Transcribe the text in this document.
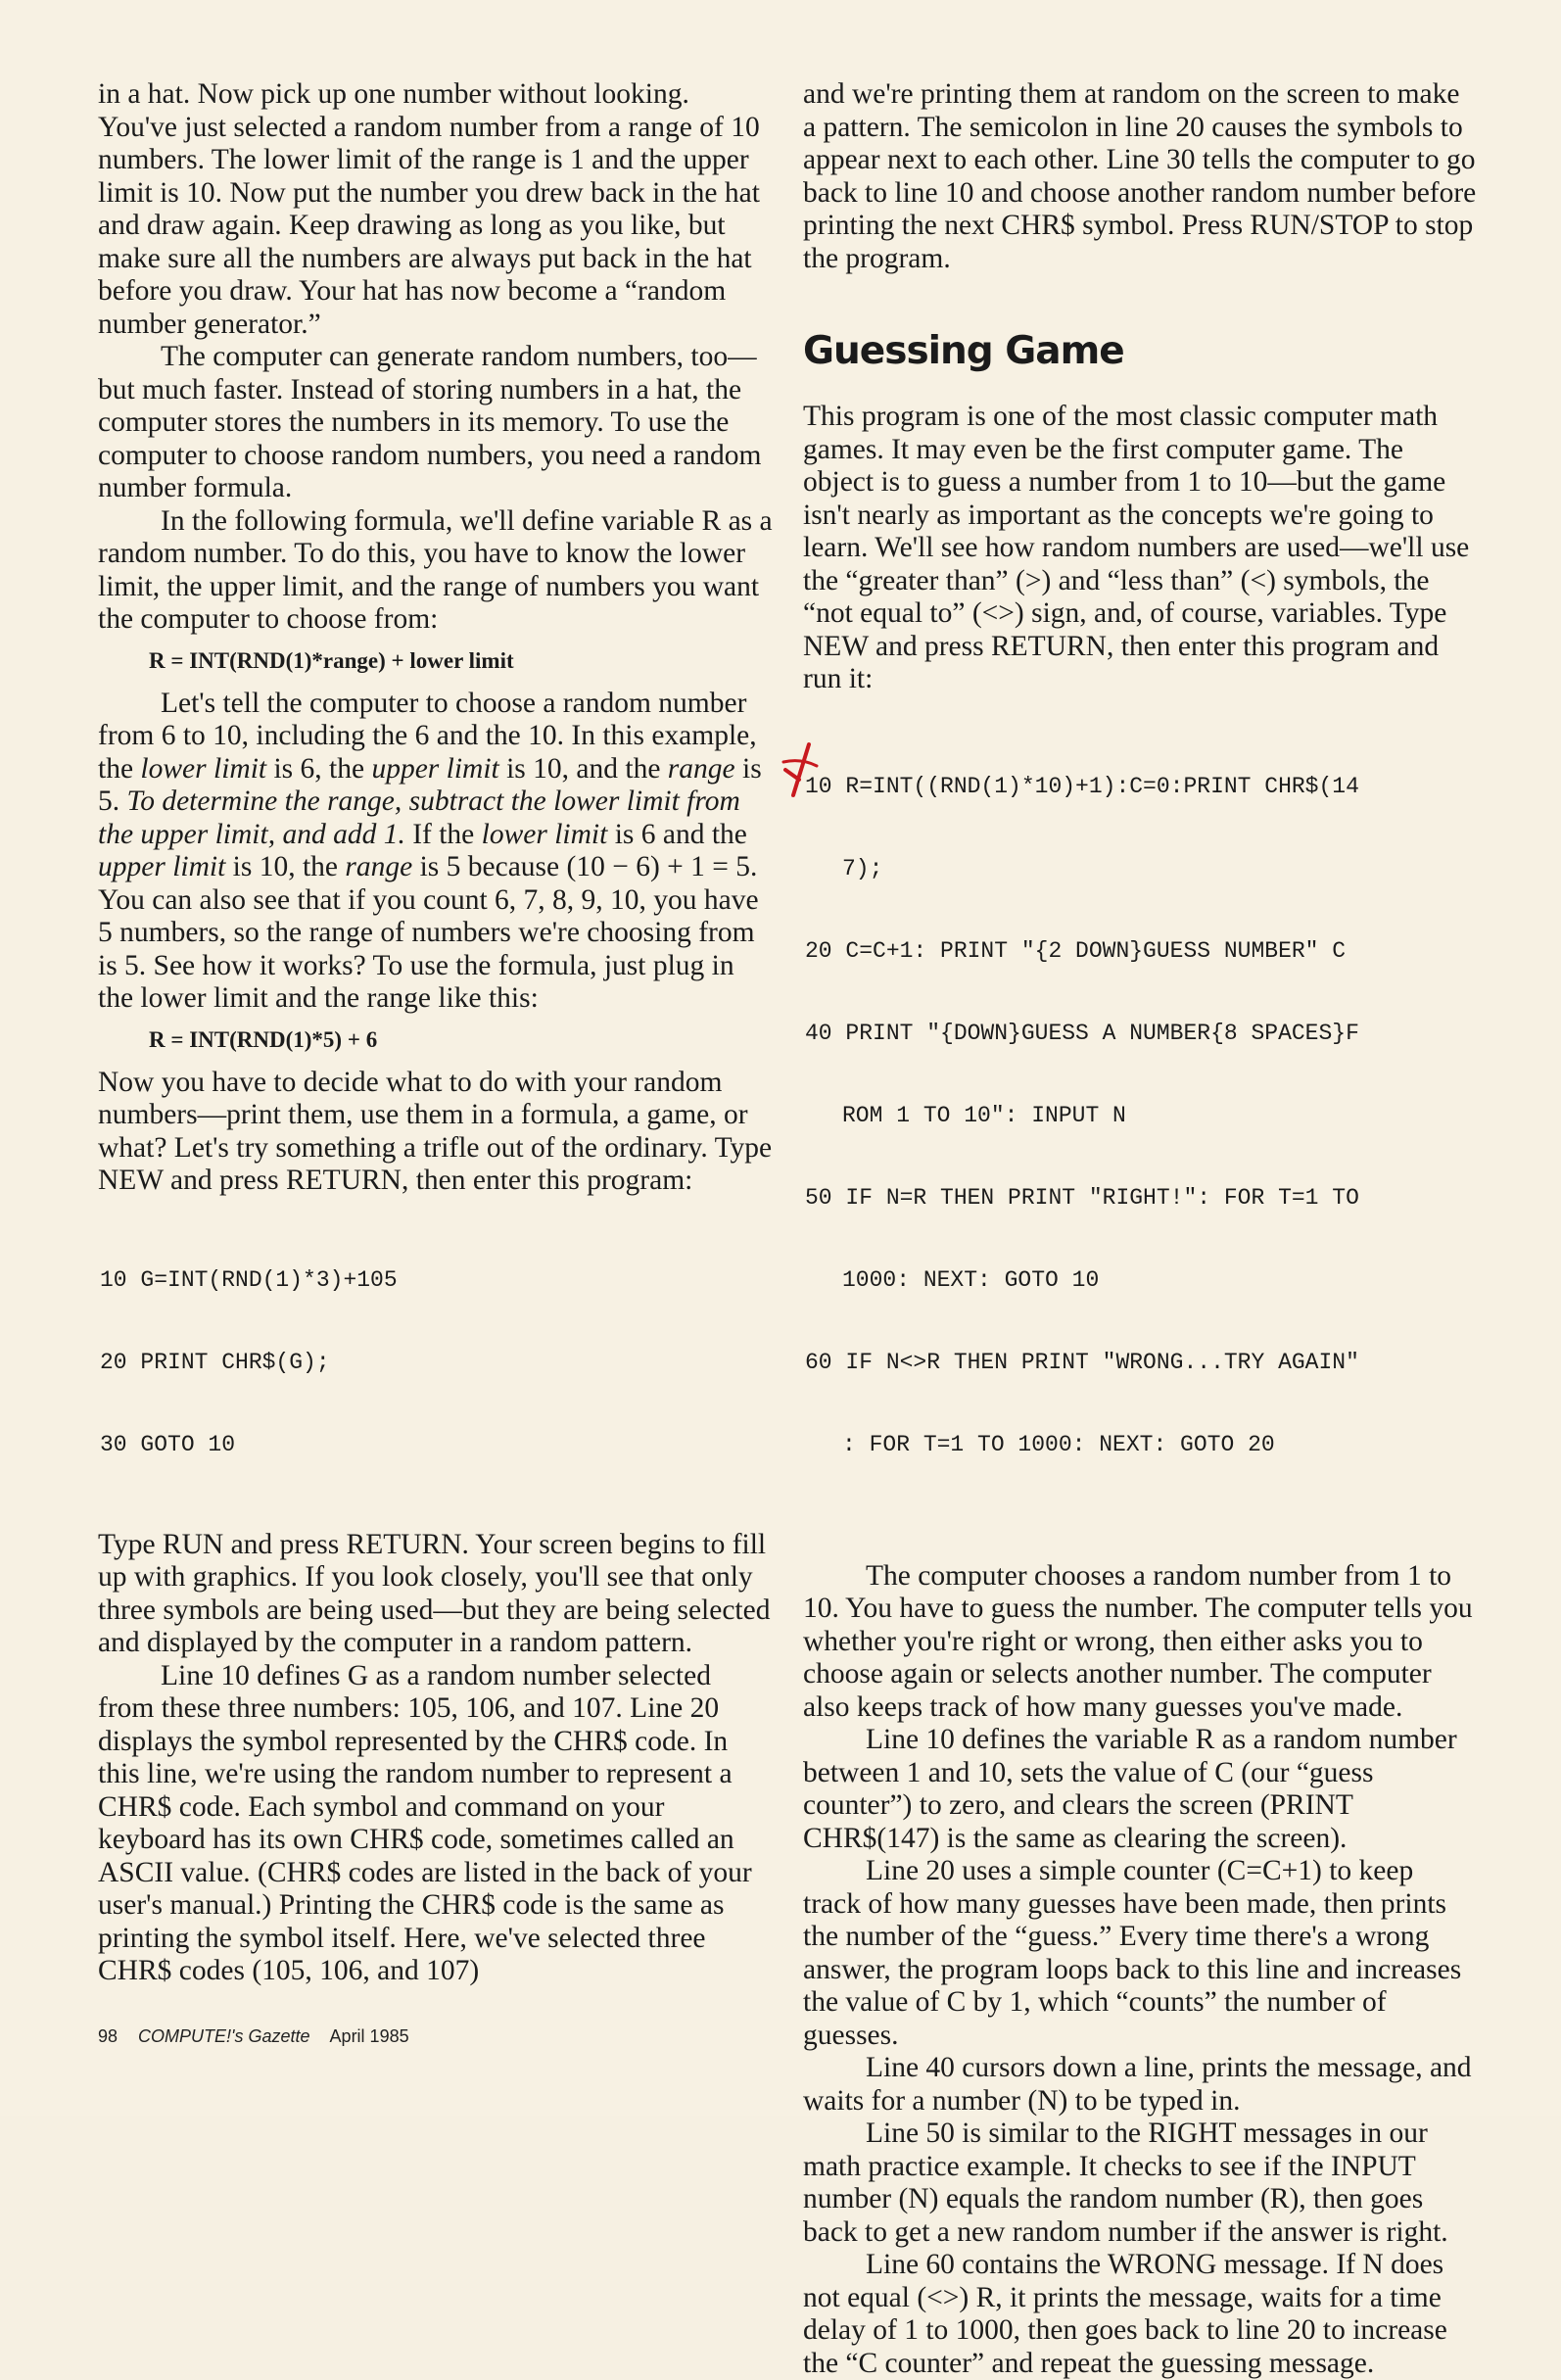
in a hat. Now pick up one number without looking. You've just selected a random number from a range of 10 numbers. The lower limit of the range is 1 and the upper limit is 10. Now put the number you drew back in the hat and draw again. Keep drawing as long as you like, but make sure all the numbers are always put back in the hat before you draw. Your hat has now become a “random number generator.”

The computer can generate random numbers, too—but much faster. Instead of storing numbers in a hat, the computer stores the numbers in its memory. To use the computer to choose random numbers, you need a random number formula.

In the following formula, we'll define variable R as a random number. To do this, you have to know the lower limit, the upper limit, and the range of numbers you want the computer to choose from:

R = INT(RND(1)*range) + lower limit

Let's tell the computer to choose a random number from 6 to 10, including the 6 and the 10. In this example, the lower limit is 6, the upper limit is 10, and the range is 5. To determine the range, subtract the lower limit from the upper limit, and add 1. If the lower limit is 6 and the upper limit is 10, the range is 5 because (10 − 6) + 1 = 5. You can also see that if you count 6, 7, 8, 9, 10, you have 5 numbers, so the range of numbers we're choosing from is 5. See how it works? To use the formula, just plug in the lower limit and the range like this:

R = INT(RND(1)*5) + 6

Now you have to decide what to do with your random numbers—print them, use them in a formula, a game, or what? Let's try something a trifle out of the ordinary. Type NEW and press RETURN, then enter this program:

10 G=INT(RND(1)*3)+105

20 PRINT CHR$(G);

30 GOTO 10

Type RUN and press RETURN. Your screen begins to fill up with graphics. If you look closely, you'll see that only three symbols are being used—but they are being selected and displayed by the computer in a random pattern.

Line 10 defines G as a random number selected from these three numbers: 105, 106, and 107. Line 20 displays the symbol represented by the CHR$ code. In this line, we're using the random number to represent a CHR$ code. Each symbol and command on your keyboard has its own CHR$ code, sometimes called an ASCII value. (CHR$ codes are listed in the back of your user's manual.) Printing the CHR$ code is the same as printing the symbol itself. Here, we've selected three CHR$ codes (105, 106, and 107)

and we're printing them at random on the screen to make a pattern. The semicolon in line 20 causes the symbols to appear next to each other. Line 30 tells the computer to go back to line 10 and choose another random number before printing the next CHR$ symbol. Press RUN/STOP to stop the program.

Guessing Game

This program is one of the most classic computer math games. It may even be the first computer game. The object is to guess a number from 1 to 10—but the game isn't nearly as important as the concepts we're going to learn. We'll see how random numbers are used—we'll use the “greater than” (>) and “less than” (<) symbols, the “not equal to” (<>) sign, and, of course, variables. Type NEW and press RETURN, then enter this program and run it:

10 R=INT((RND(1)*10)+1):C=0:PRINT CHR$(14

7);

20 C=C+1: PRINT "{2 DOWN}GUESS NUMBER" C

40 PRINT "{DOWN}GUESS A NUMBER{8 SPACES}F

ROM 1 TO 10": INPUT N

50 IF N=R THEN PRINT "RIGHT!": FOR T=1 TO

1000: NEXT: GOTO 10

60 IF N<>R THEN PRINT "WRONG...TRY AGAIN"

: FOR T=1 TO 1000: NEXT: GOTO 20

The computer chooses a random number from 1 to 10. You have to guess the number. The computer tells you whether you're right or wrong, then either asks you to choose again or selects another number. The computer also keeps track of how many guesses you've made.

Line 10 defines the variable R as a random number between 1 and 10, sets the value of C (our “guess counter”) to zero, and clears the screen (PRINT CHR$(147) is the same as clearing the screen).

Line 20 uses a simple counter (C=C+1) to keep track of how many guesses have been made, then prints the number of the “guess.” Every time there's a wrong answer, the program loops back to this line and increases the value of C by 1, which “counts” the number of guesses.

Line 40 cursors down a line, prints the message, and waits for a number (N) to be typed in.

Line 50 is similar to the RIGHT messages in our math practice example. It checks to see if the INPUT number (N) equals the random number (R), then goes back to get a new random number if the answer is right.

Line 60 contains the WRONG message. If N does not equal (<>) R, it prints the message, waits for a time delay of 1 to 1000, then goes back to line 20 to increase the “C counter” and repeat the guessing message.

98 COMPUTE!'s Gazette April 1985
